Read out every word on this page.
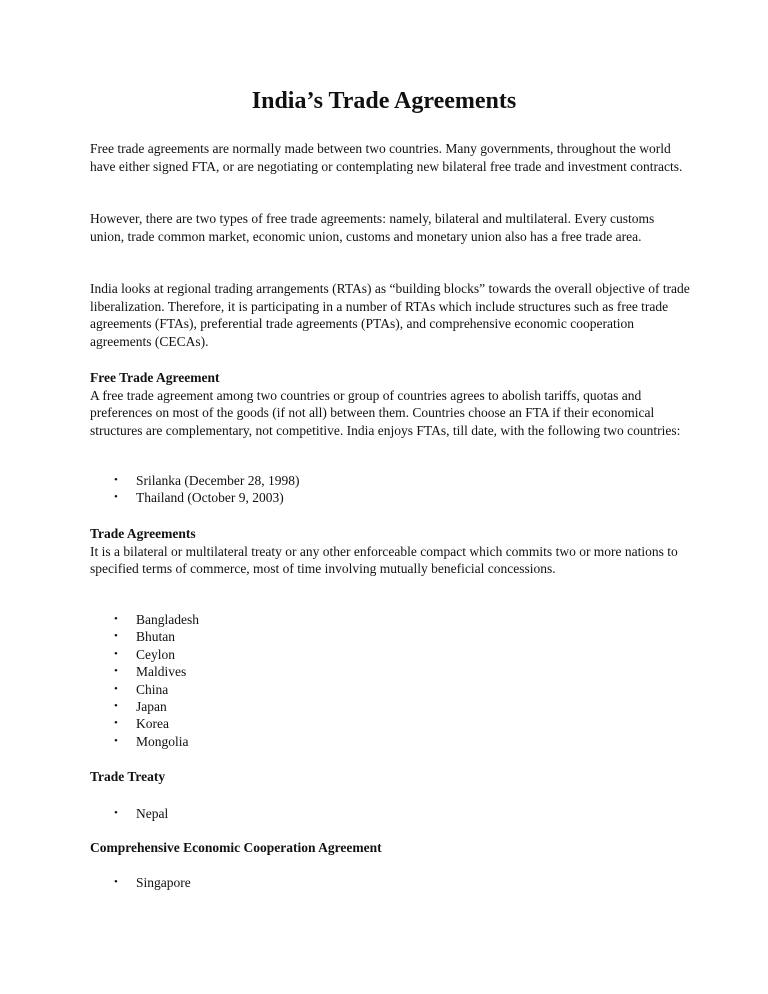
India’s Trade Agreements

Free trade agreements are normally made between two countries. Many governments, throughout the world have either signed FTA, or are negotiating or contemplating new bilateral free trade and investment contracts.

However, there are two types of free trade agreements: namely, bilateral and multilateral. Every customs union, trade common market, economic union, customs and monetary union also has a free trade area.

India looks at regional trading arrangements (RTAs) as “building blocks” towards the overall objective of trade liberalization. Therefore, it is participating in a number of RTAs which include structures such as free trade agreements (FTAs), preferential trade agreements (PTAs), and comprehensive economic cooperation agreements (CECAs).

Free Trade Agreement
A free trade agreement among two countries or group of countries agrees to abolish tariffs, quotas and preferences on most of the goods (if not all) between them. Countries choose an FTA if their economical structures are complementary, not competitive. India enjoys FTAs, till date, with the following two countries:
• Srilanka (December 28, 1998)
• Thailand (October 9, 2003)
Trade Agreements
It is a bilateral or multilateral treaty or any other enforceable compact which commits two or more nations to specified terms of commerce, most of time involving mutually beneficial concessions.
• Bangladesh
• Bhutan
• Ceylon
• Maldives
• China
• Japan
• Korea
• Mongolia
Trade Treaty
• Nepal
Comprehensive Economic Cooperation Agreement
• Singapore
